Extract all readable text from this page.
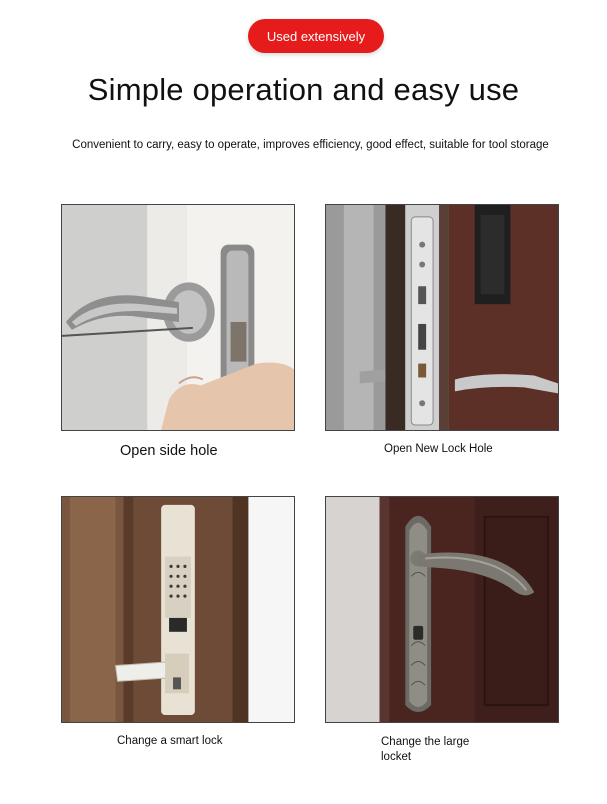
Used extensively
Simple operation and easy use
Convenient to carry, easy to operate, improves efficiency, good effect, suitable for tool storage
Open side hole	Open New Lock Hole
Change a smart lock	Change the large
locket
